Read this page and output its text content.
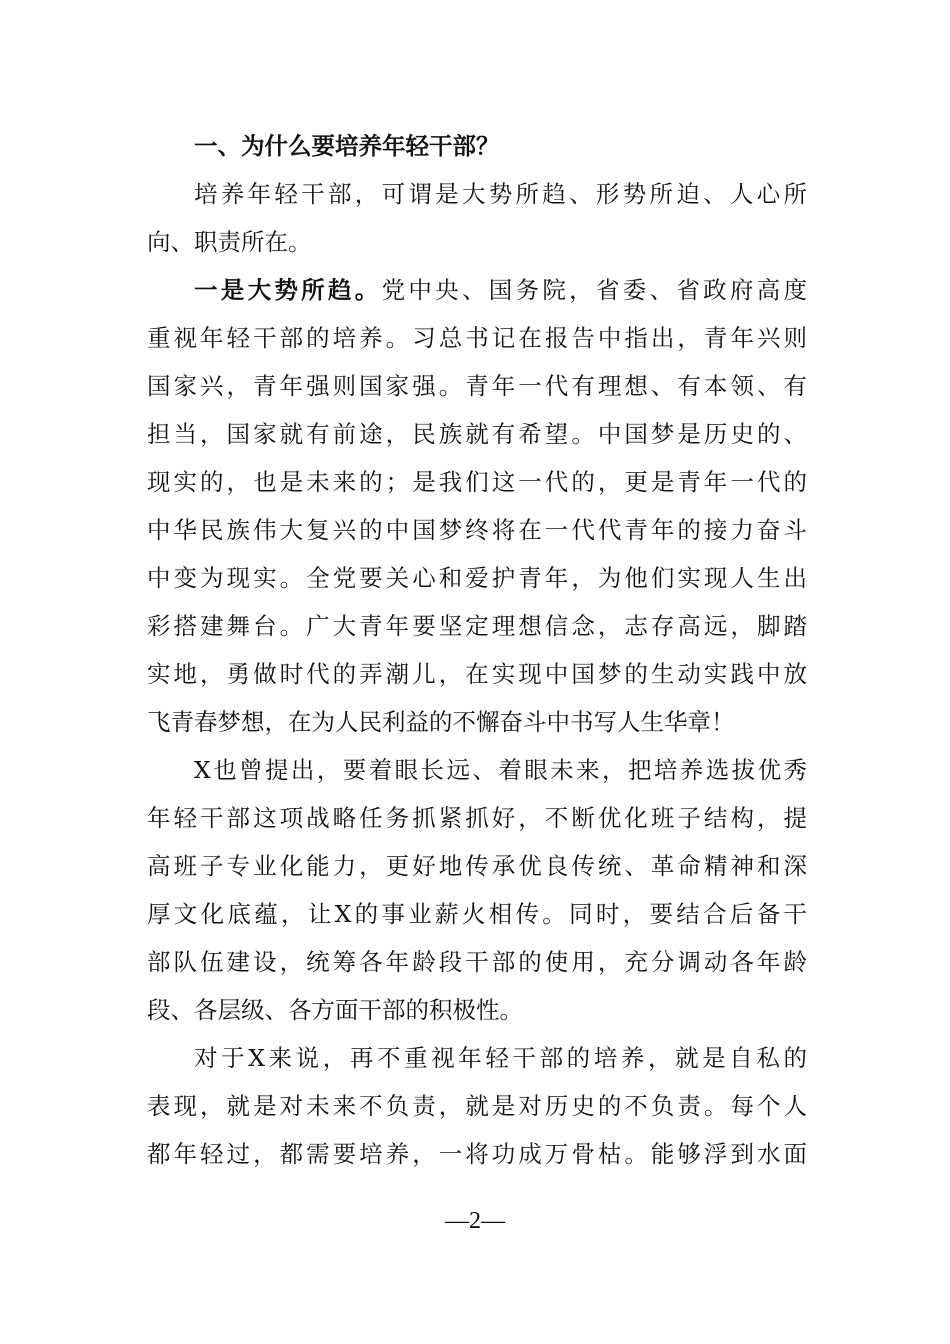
一、为什么要培养年轻干部？
培养年轻干部，可谓是大势所趋、形势所迫、人心所
向、职责所在。
一是大势所趋。党中央、国务院，省委、省政府高度
重视年轻干部的培养。习总书记在报告中指出，青年兴则
国家兴，青年强则国家强。青年一代有理想、有本领、有
担当，国家就有前途，民族就有希望。中国梦是历史的、
现实的，也是未来的；是我们这一代的，更是青年一代的
中华民族伟大复兴的中国梦终将在一代代青年的接力奋斗
中变为现实。全党要关心和爱护青年，为他们实现人生出
彩搭建舞台。广大青年要坚定理想信念，志存高远，脚踏
实地，勇做时代的弄潮儿，在实现中国梦的生动实践中放
飞青春梦想，在为人民利益的不懈奋斗中书写人生华章！
X也曾提出，要着眼长远、着眼未来，把培养选拔优秀
年轻干部这项战略任务抓紧抓好，不断优化班子结构，提
高班子专业化能力，更好地传承优良传统、革命精神和深
厚文化底蕴，让X的事业薪火相传。同时，要结合后备干
部队伍建设，统筹各年龄段干部的使用，充分调动各年龄
段、各层级、各方面干部的积极性。
对于X来说，再不重视年轻干部的培养，就是自私的
表现，就是对未来不负责，就是对历史的不负责。每个人
都年轻过，都需要培养，一将功成万骨枯。能够浮到水面
—2—
